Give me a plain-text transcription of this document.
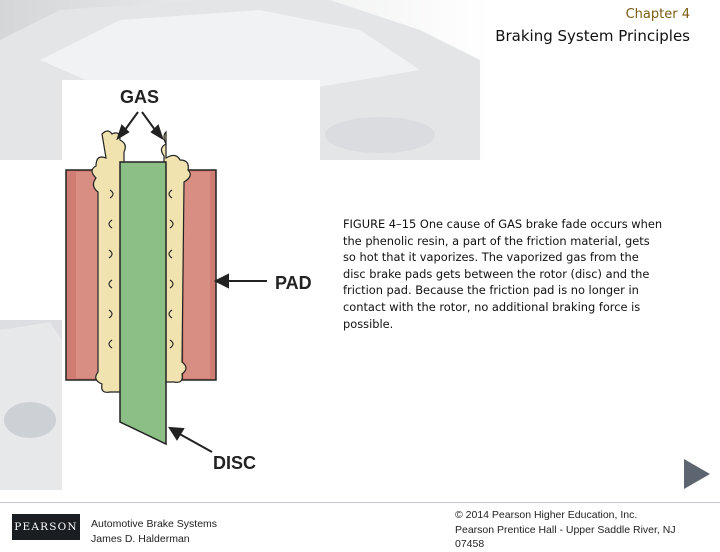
Chapter 4
Braking System Principles
GAS
PAD
DISC
FIGURE 4–15 One cause of GAS brake fade occurs when the phenolic resin, a part of the friction material, gets so hot that it vaporizes. The vaporized gas from the disc brake pads gets between the rotor (disc) and the friction pad. Because the friction pad is no longer in contact with the rotor, no additional braking force is possible.
PEARSON Automotive Brake Systems
James D. Halderman
© 2014 Pearson Higher Education, Inc.
Pearson Prentice Hall - Upper Saddle River, NJ
07458
